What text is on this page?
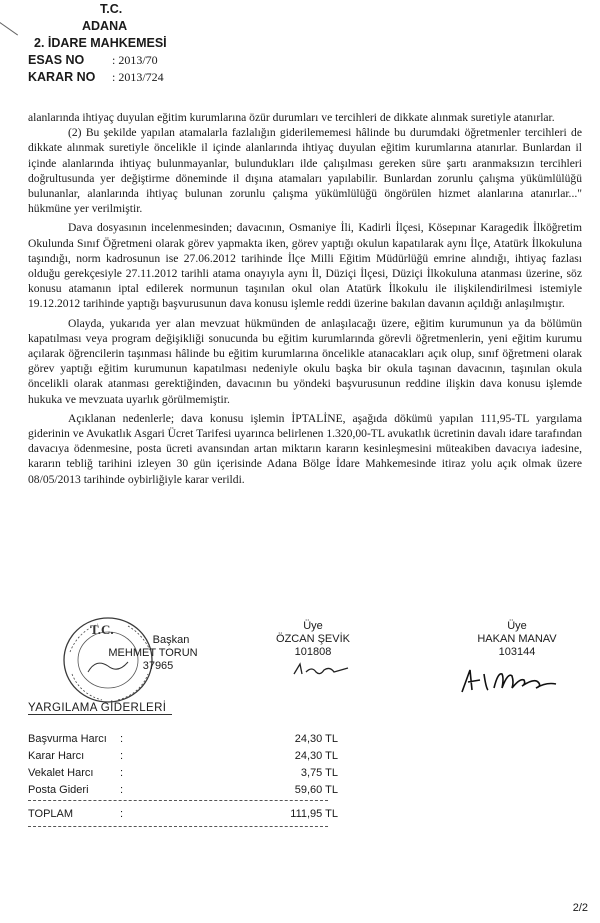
T.C.
ADANA
2. İDARE MAHKEMESİ
ESAS NO : 2013/70
KARAR NO : 2013/724

alanlarında ihtiyaç duyulan eğitim kurumlarına özür durumları ve tercihleri de dikkate alınmak suretiyle atanırlar.

(2) Bu şekilde yapılan atamalarla fazlalığın giderilememesi hâlinde bu durumdaki öğretmenler tercihleri de dikkate alınmak suretiyle öncelikle il içinde alanlarında ihtiyaç duyulan eğitim kurumlarına atanırlar. Bunlardan il içinde alanlarında ihtiyaç bulunmayanlar, bulundukları ilde çalışılması gereken süre şartı aranmaksızın tercihleri doğrultusunda yer değiştirme döneminde il dışına atamaları yapılabilir. Bunlardan zorunlu çalışma yükümlülüğü bulunanlar, alanlarında ihtiyaç bulunan zorunlu çalışma yükümlülüğü öngörülen hizmet alanlarına atanırlar..." hükmüne yer verilmiştir.

Dava dosyasının incelenmesinden; davacının, Osmaniye İli, Kadirli İlçesi, Kösepınar Karagedik İlköğretim Okulunda Sınıf Öğretmeni olarak görev yapmakta iken, görev yaptığı okulun kapatılarak aynı İlçe, Atatürk İlkokuluna taşındığı, norm kadrosunun ise 27.06.2012 tarihinde İlçe Milli Eğitim Müdürlüğü emrine alındığı, ihtiyaç fazlası olduğu gerekçesiyle 27.11.2012 tarihli atama onayıyla aynı İl, Düziçi İlçesi, Düziçi İlkokuluna atanması üzerine, söz konusu atamanın iptal edilerek normunun taşınılan okul olan Atatürk İlkokulu ile ilişkilendirilmesi istemiyle 19.12.2012 tarihinde yaptığı başvurusunun dava konusu işlemle reddi üzerine bakılan davanın açıldığı anlaşılmıştır.

Olayda, yukarıda yer alan mevzuat hükmünden de anlaşılacağı üzere, eğitim kurumunun ya da bölümün kapatılması veya program değişikliği sonucunda bu eğitim kurumlarında görevli öğretmenlerin, yeni eğitim kurumu açılarak öğrencilerin taşınması hâlinde bu eğitim kurumlarına öncelikle atanacakları açık olup, sınıf öğretmeni olarak görev yaptığı eğitim kurumunun kapatılması nedeniyle okulu başka bir okula taşınan davacının, taşınılan okula öncelikli olarak atanması gerektiğinden, davacının bu yöndeki başvurusunun reddine ilişkin dava konusu işlemde hukuka ve mevzuata uyarlık görülmemiştir.

Açıklanan nedenlerle; dava konusu işlemin İPTALİNE, aşağıda dökümü yapılan 111,95-TL yargılama giderinin ve Avukatlık Asgari Ücret Tarifesi uyarınca belirlenen 1.320,00-TL avukatlık ücretinin davalı idare tarafından davacıya ödenmesine, posta ücreti avansından artan miktarın kararın kesinleşmesini müteakiben davacıya iadesine, kararın tebliğ tarihini izleyen 30 gün içerisinde Adana Bölge İdare Mahkemesinde itiraz yolu açık olmak üzere 08/05/2013 tarihinde oybirliğiyle karar verildi.

T.C.
Başkan
MEHMET TORUN
37965
Üye
ÖZCAN ŞEVİK
101808
Üye
HAKAN MANAV
103144
YARGILAMA GİDERLERİ
Başvurma Harcı :	24,30 TL
Karar Harcı	:	24,30 TL
Vekalet Harcı :	3,75 TL
Posta Gideri	:	59,60 TL
TOPLAM	:	111,95 TL
2/2
